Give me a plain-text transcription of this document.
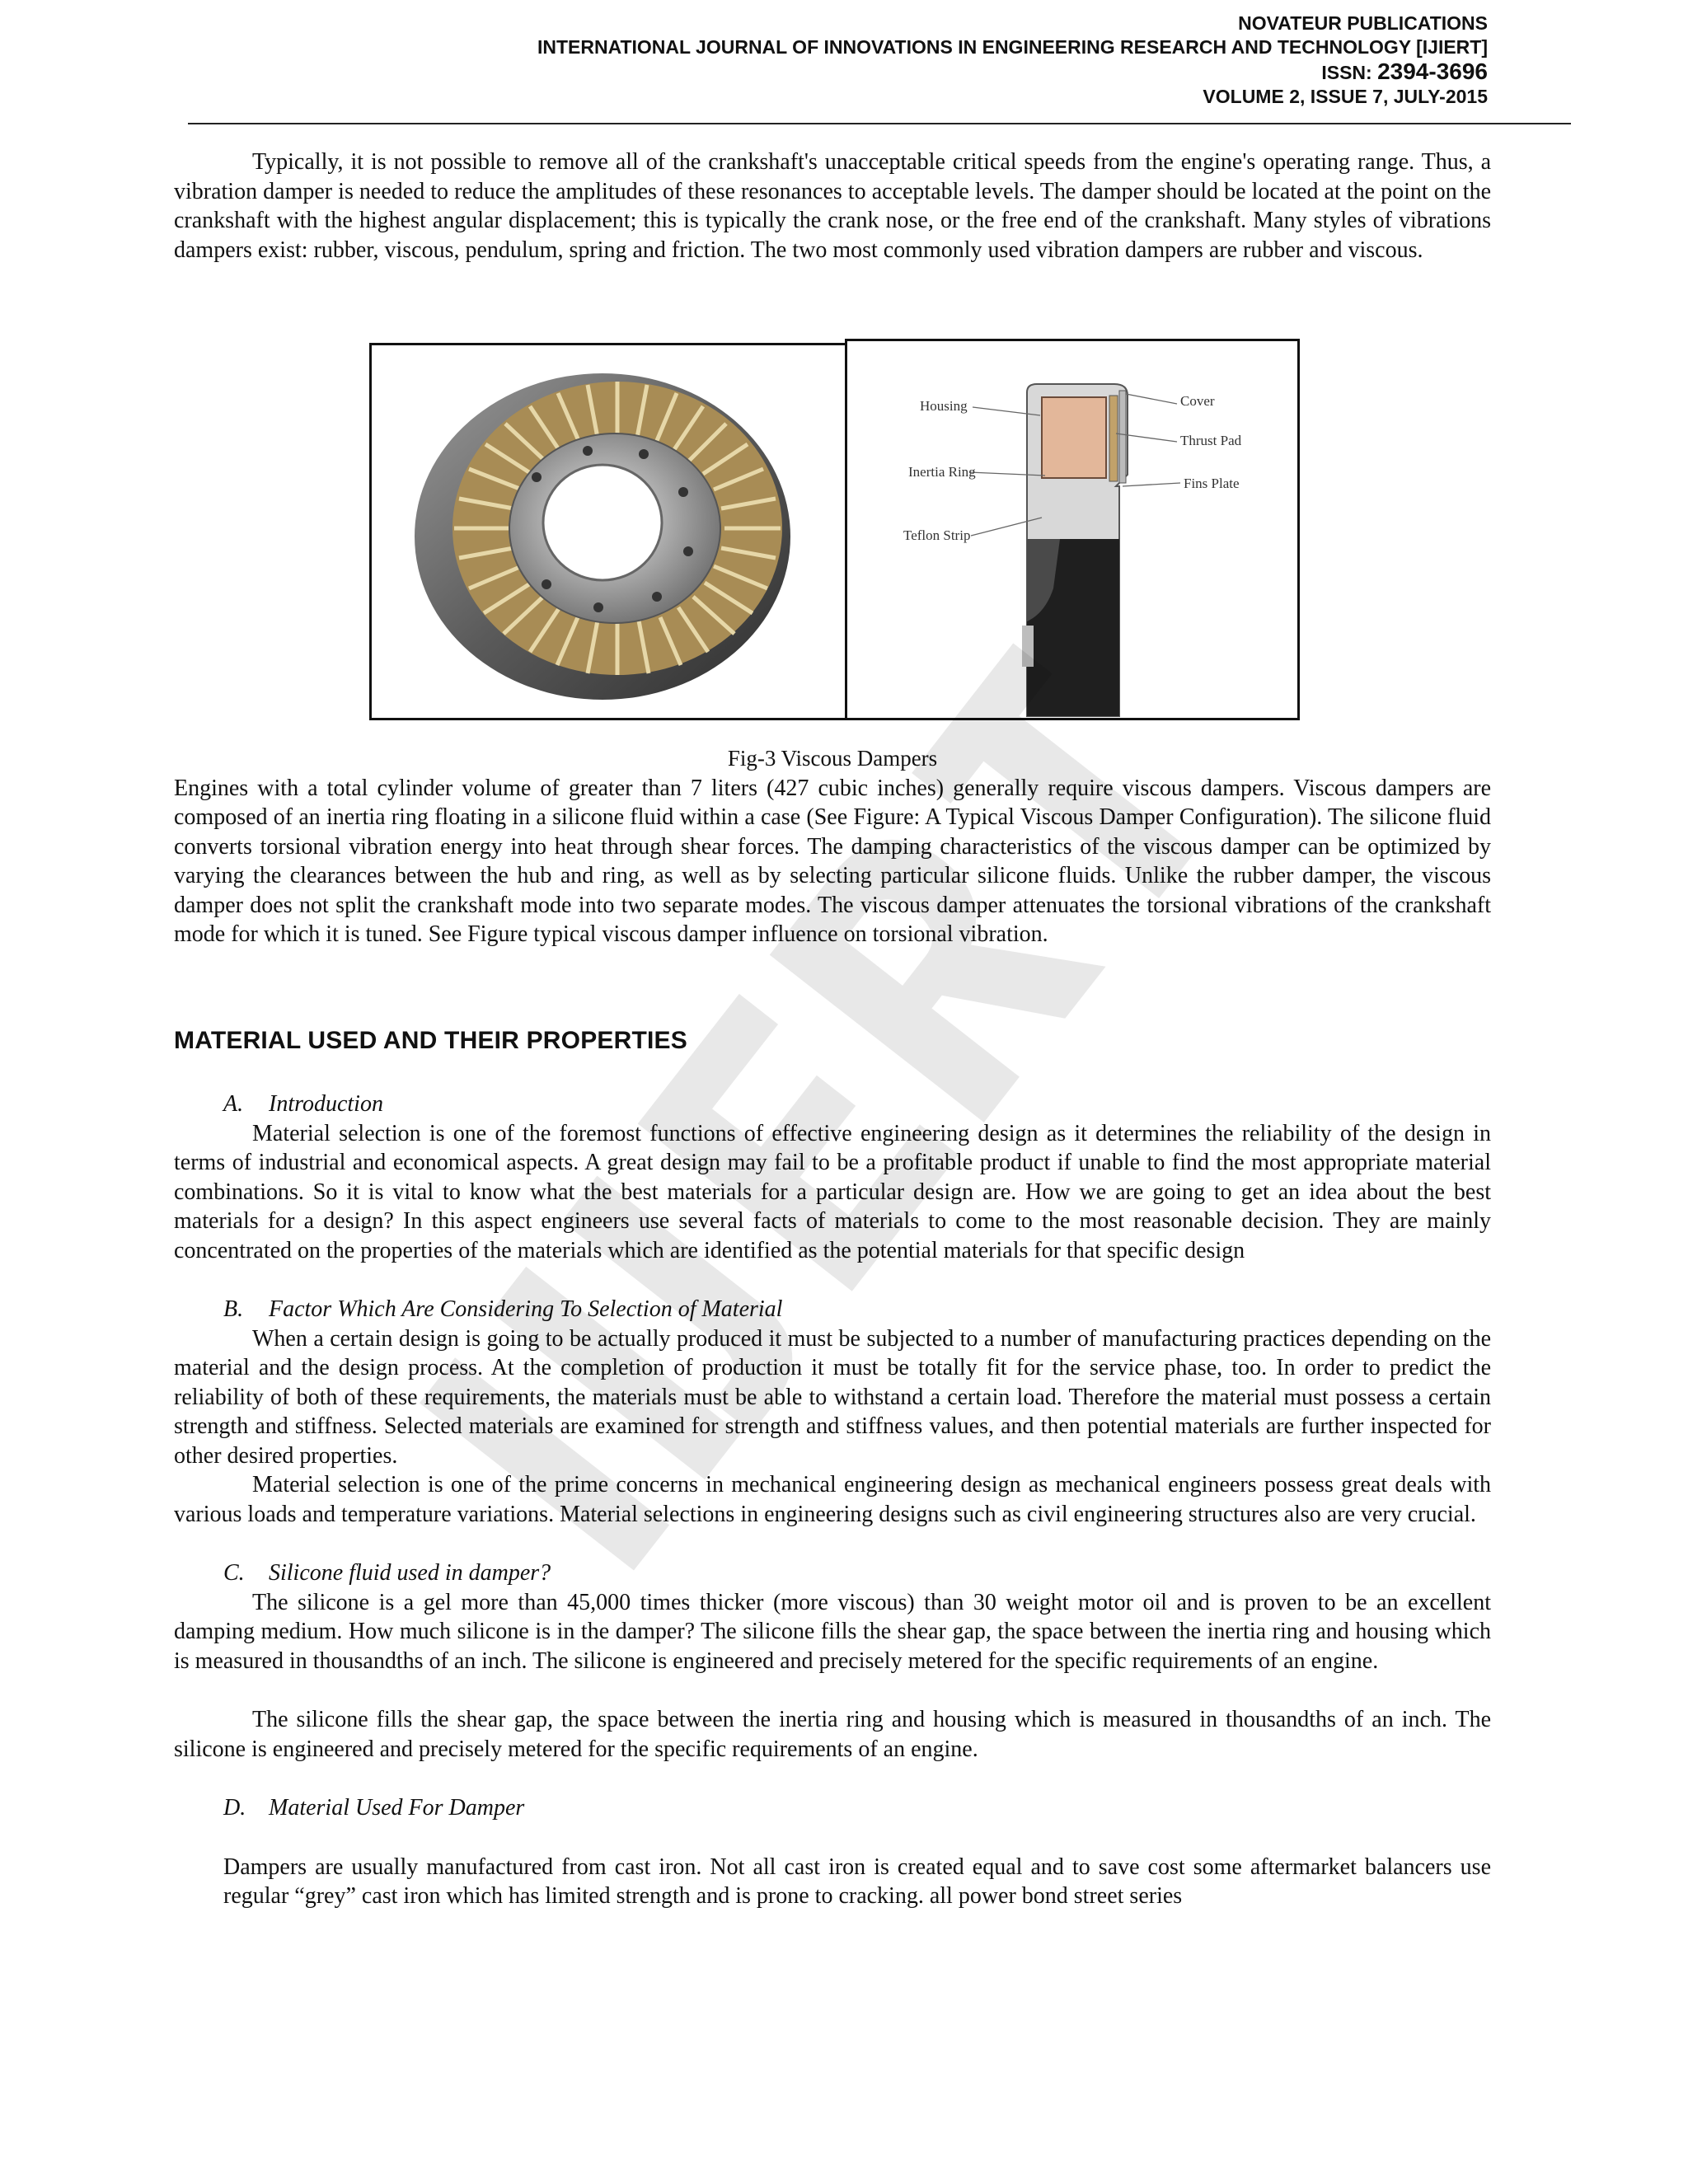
NOVATEUR PUBLICATIONS
INTERNATIONAL JOURNAL OF INNOVATIONS IN ENGINEERING RESEARCH AND TECHNOLOGY [IJIERT]
ISSN: 2394-3696
VOLUME 2, ISSUE 7, JULY-2015

Typically, it is not possible to remove all of the crankshaft's unacceptable critical speeds from the engine's operating range. Thus, a vibration damper is needed to reduce the amplitudes of these resonances to acceptable levels. The damper should be located at the point on the crankshaft with the highest angular displacement; this is typically the crank nose, or the free end of the crankshaft. Many styles of vibrations dampers exist: rubber, viscous, pendulum, spring and friction. The two most commonly used vibration dampers are rubber and viscous.

Housing
Inertia Ring
Teflon Strip
Cover
Thrust Pad
Fins Plate

Fig-3 Viscous Dampers

Engines with a total cylinder volume of greater than 7 liters (427 cubic inches) generally require viscous dampers. Viscous dampers are composed of an inertia ring floating in a silicone fluid within a case (See Figure: A Typical Viscous Damper Configuration). The silicone fluid converts torsional vibration energy into heat through shear forces. The damping characteristics of the viscous damper can be optimized by varying the clearances between the hub and ring, as well as by selecting particular silicone fluids. Unlike the rubber damper, the viscous damper does not split the crankshaft mode into two separate modes. The viscous damper attenuates the torsional vibrations of the crankshaft mode for which it is tuned. See Figure typical viscous damper influence on torsional vibration.

MATERIAL USED AND THEIR PROPERTIES
A. Introduction

Material selection is one of the foremost functions of effective engineering design as it determines the reliability of the design in terms of industrial and economical aspects. A great design may fail to be a profitable product if unable to find the most appropriate material combinations. So it is vital to know what the best materials for a particular design are. How we are going to get an idea about the best materials for a design? In this aspect engineers use several facts of materials to come to the most reasonable decision. They are mainly concentrated on the properties of the materials which are identified as the potential materials for that specific design

B. Factor Which Are Considering To Selection of Material

When a certain design is going to be actually produced it must be subjected to a number of manufacturing practices depending on the material and the design process. At the completion of production it must be totally fit for the service phase, too. In order to predict the reliability of both of these requirements, the materials must be able to withstand a certain load. Therefore the material must possess a certain strength and stiffness. Selected materials are examined for strength and stiffness values, and then potential materials are further inspected for other desired properties.

Material selection is one of the prime concerns in mechanical engineering design as mechanical engineers possess great deals with various loads and temperature variations. Material selections in engineering designs such as civil engineering structures also are very crucial.

C. Silicone fluid used in damper?

The silicone is a gel more than 45,000 times thicker (more viscous) than 30 weight motor oil and is proven to be an excellent damping medium. How much silicone is in the damper? The silicone fills the shear gap, the space between the inertia ring and housing which is measured in thousandths of an inch. The silicone is engineered and precisely metered for the specific requirements of an engine.

The silicone fills the shear gap, the space between the inertia ring and housing which is measured in thousandths of an inch. The silicone is engineered and precisely metered for the specific requirements of an engine.

D. Material Used For Damper

Dampers are usually manufactured from cast iron. Not all cast iron is created equal and to save cost some aftermarket balancers use regular “grey” cast iron which has limited strength and is prone to cracking. all power bond street series
